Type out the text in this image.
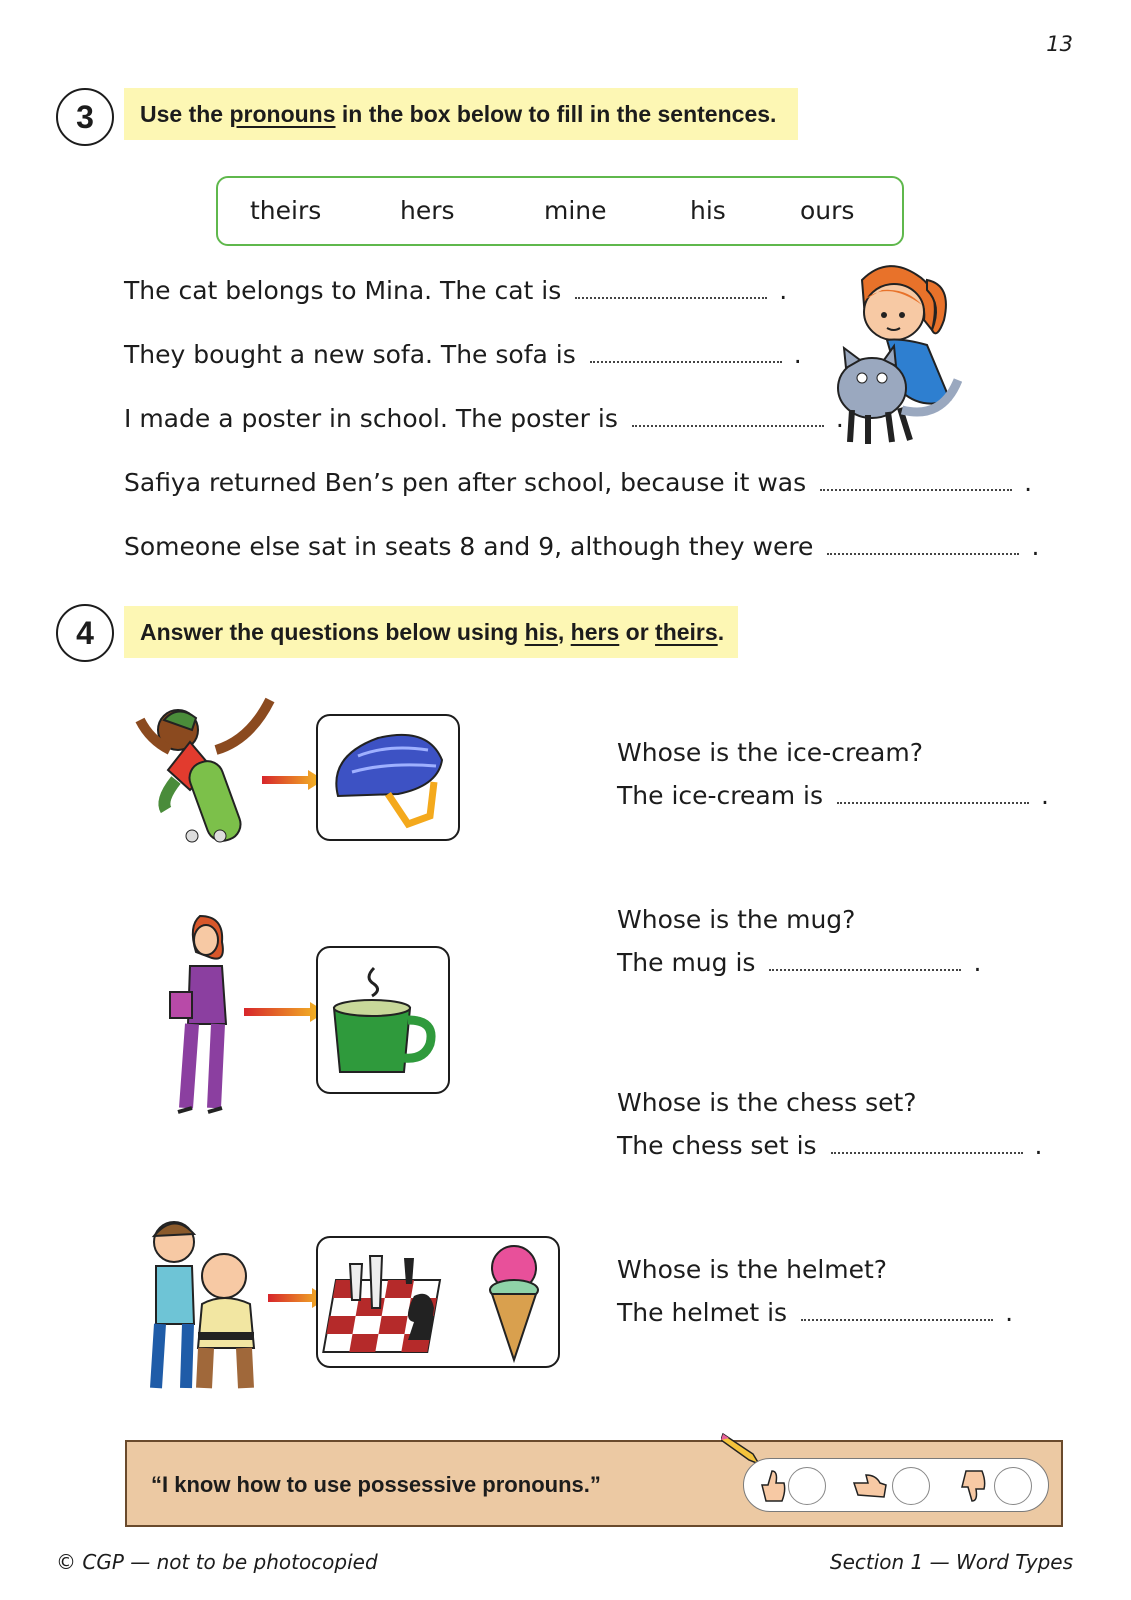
13
3	Use the pronouns in the box below to fill in the sentences.
theirs	hers	mine	his	ours
The cat belongs to Mina. The cat is	.
They bought a new sofa. The sofa is	.
I made a poster in school. The poster is	.
Safiya returned Ben’s pen after school, because it was	.
Someone else sat in seats 8 and 9, although they were	.
4	Answer the questions below using his , hers or theirs .
Whose is the ice-cream?
The ice-cream is	.
Whose is the mug?
The mug is	.
Whose is the chess set?
The chess set is	.
Whose is the helmet?
The helmet is	.
“I know how to use possessive pronouns.”
© CGP — not to be photocopied	Section 1 — Word Types
